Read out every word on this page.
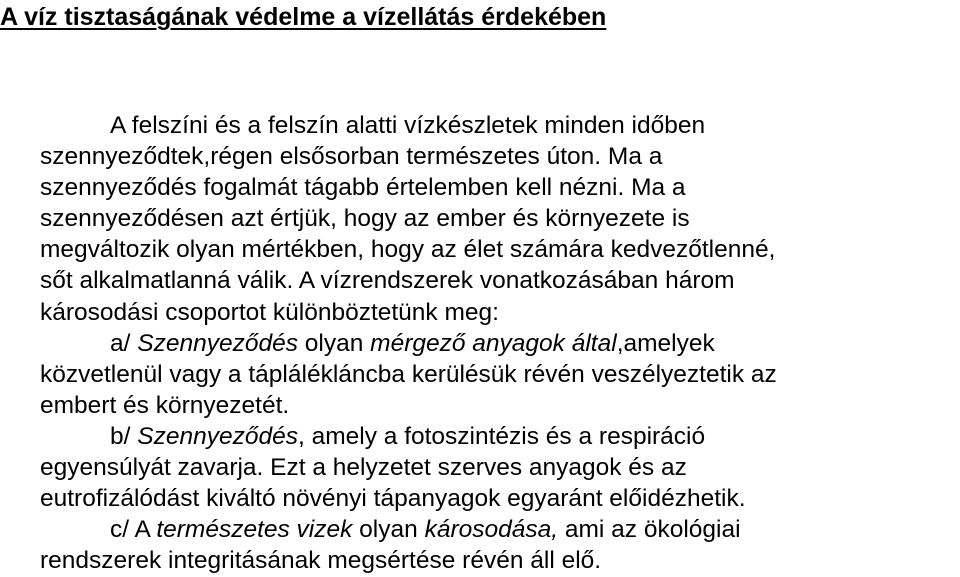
A víz tisztaságának védelme a vízellátás érdekében

A felszíni és a felszín alatti vízkészletek minden időben
szennyeződtek,régen elsősorban természetes úton. Ma a
szennyeződés fogalmát tágabb értelemben kell nézni. Ma a
szennyeződésen azt értjük, hogy az ember és környezete is
megváltozik olyan mértékben, hogy az élet számára kedvezőtlenné,
sőt alkalmatlanná válik. A vízrendszerek vonatkozásában három
károsodási csoportot különböztetünk meg:

a/ Szennyeződés olyan mérgező anyagok által,amelyek
közvetlenül vagy a táplálékláncba kerülésük révén veszélyeztetik az
embert és környezetét.

b/ Szennyeződés, amely a fotoszintézis és a respiráció
egyensúlyát zavarja. Ezt a helyzetet szerves anyagok és az
eutrofizálódást kiváltó növényi tápanyagok egyaránt előidézhetik.

c/ A természetes vizek olyan károsodása, ami az ökológiai
rendszerek integritásának megsértése révén áll elő.
